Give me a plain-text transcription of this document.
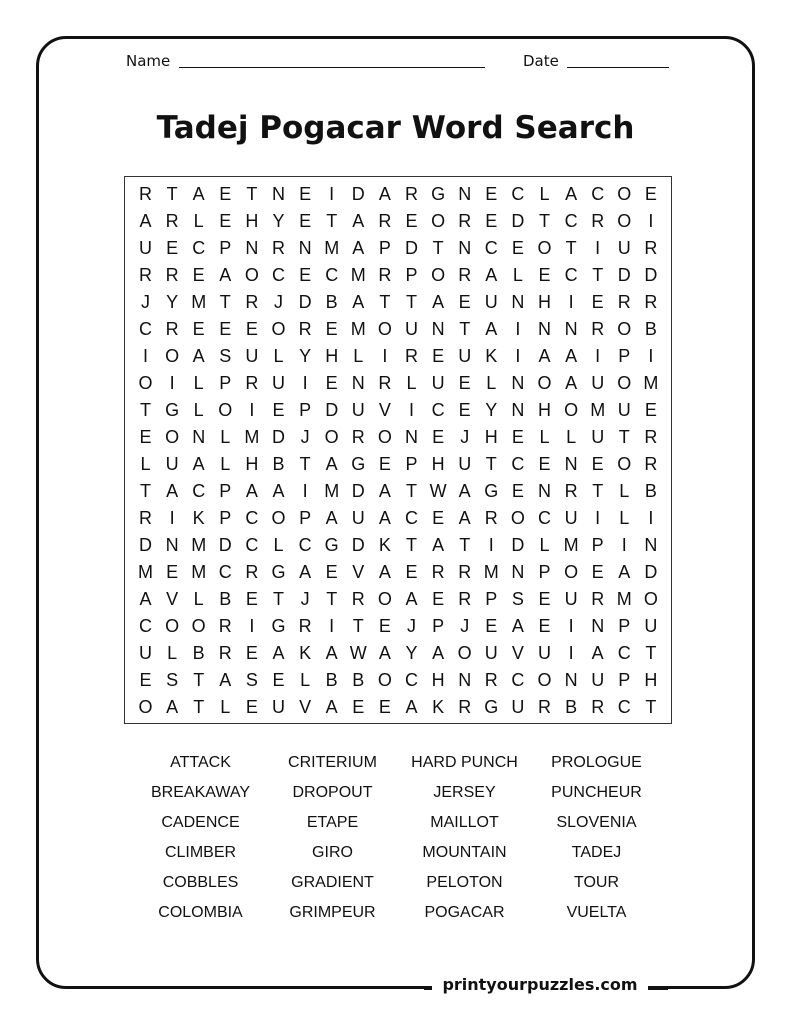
Name	Date
Tadej Pogacar Word Search
R T A E T N E	I D A R G N E C L A C O E
A R L E H Y E T A R E O R E D T C R O I
U E C P N R N M A P D T N C E O T	I U R
R R E A O C E C M R P O R A L E C T D D
J Y M T R J D B A T T A E U N H I	E R R
C R E E E O R E M O U N T A	I N N R O B
I O A S U L Y H L	I R E U K	I	A A	I	P	I
O I	L P R U I	E N R L U E L N O A U O M
T G L O I	E P D U V	I C E Y N H O M U E
E O N L M D J O R O N E J H E L L U T R
L U A L H B T A G E P H U T C E N E O R
T A C P A A	I M D A T W A G E N R T L B
R I	K P C O P A U A C E A R O C U I	L	I
D N M D C L C G D K T A T	I D L M P	I N
M E M C R G A E V A E R R M N P O E A D
A V L B E T J T R O A E R P S E U R M O
C O O R I G R I	T E J P J E A E	I N P U
U L B R E A K A W A Y A O U V U I	A C T
E S T A S E L B B O C H N R C O N U P H
O A T L E U V A E E A K R G U R B R C T
ATTACK	CRITERIUM	HARD PUNCH	PROLOGUE
BREAKAWAY	DROPOUT	JERSEY	PUNCHEUR
CADENCE	ETAPE	MAILLOT	SLOVENIA
CLIMBER	GIRO	MOUNTAIN	TADEJ
COBBLES	GRADIENT	PELOTON	TOUR
COLOMBIA	GRIMPEUR	POGACAR	VUELTA
printyourpuzzles.com
